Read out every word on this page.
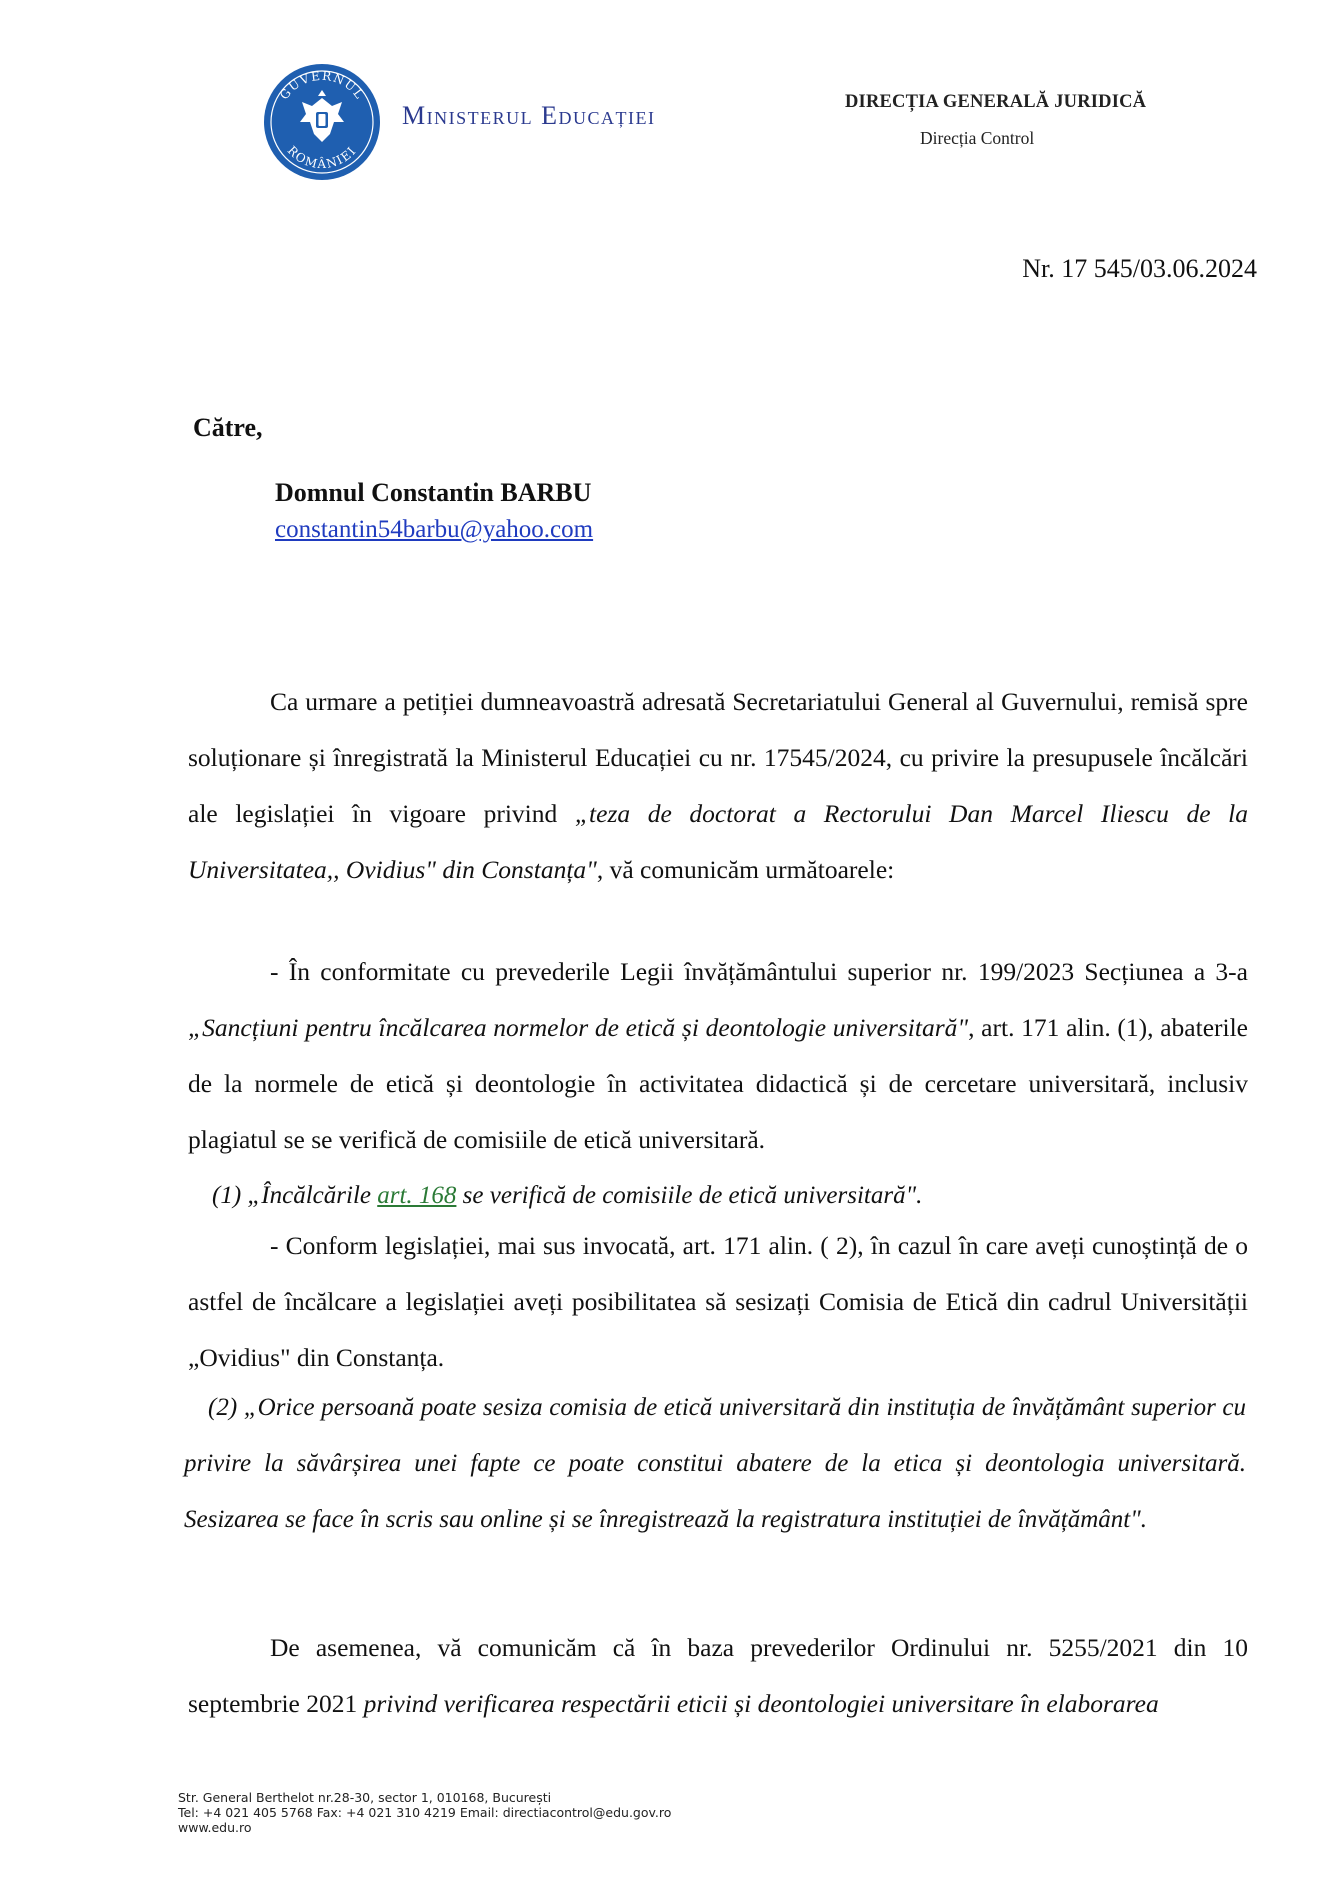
GUVERNUL
ROMÂNIEI
Ministerul Educației	DIRECȚIA GENERALĂ JURIDICĂ
Direcția Control
Nr. 17 545/03.06.2024
Către,
Domnul Constantin BARBU
constantin54barbu@yahoo.com
Ca urmare a petiției dumneavoastră adresată Secretariatului General al Guvernului, remisă spre soluționare și înregistrată la Ministerul Educației cu nr. 17545/2024, cu privire la presupusele încălcări ale legislației în vigoare privind „teza de doctorat a Rectorului Dan Marcel Iliescu de la Universitatea,, Ovidius" din Constanța", vă comunicăm următoarele:
- În conformitate cu prevederile Legii învățământului superior nr. 199/2023 Secțiunea a 3-a „Sancțiuni pentru încălcarea normelor de etică și deontologie universitară", art. 171 alin. (1), abaterile de la normele de etică și deontologie în activitatea didactică și de cercetare universitară, inclusiv plagiatul se se verifică de comisiile de etică universitară.
(1) „Încălcările art. 168 se verifică de comisiile de etică universitară".
- Conform legislației, mai sus invocată, art. 171 alin. ( 2), în cazul în care aveți cunoștință de o astfel de încălcare a legislației aveți posibilitatea să sesizați Comisia de Etică din cadrul Universității „Ovidius" din Constanța.
(2) „Orice persoană poate sesiza comisia de etică universitară din instituția de învățământ superior cu privire la săvârșirea unei fapte ce poate constitui abatere de la etica și deontologia universitară. Sesizarea se face în scris sau online și se înregistrează la registratura instituției de învățământ".
De asemenea, vă comunicăm că în baza prevederilor Ordinului nr. 5255/2021 din 10 septembrie 2021 privind verificarea respectării eticii și deontologiei universitare în elaborarea
Str. General Berthelot nr.28-30, sector 1, 010168, București
Tel: +4 021 405 5768 Fax: +4 021 310 4219 Email: directiacontrol@edu.gov.ro
www.edu.ro
